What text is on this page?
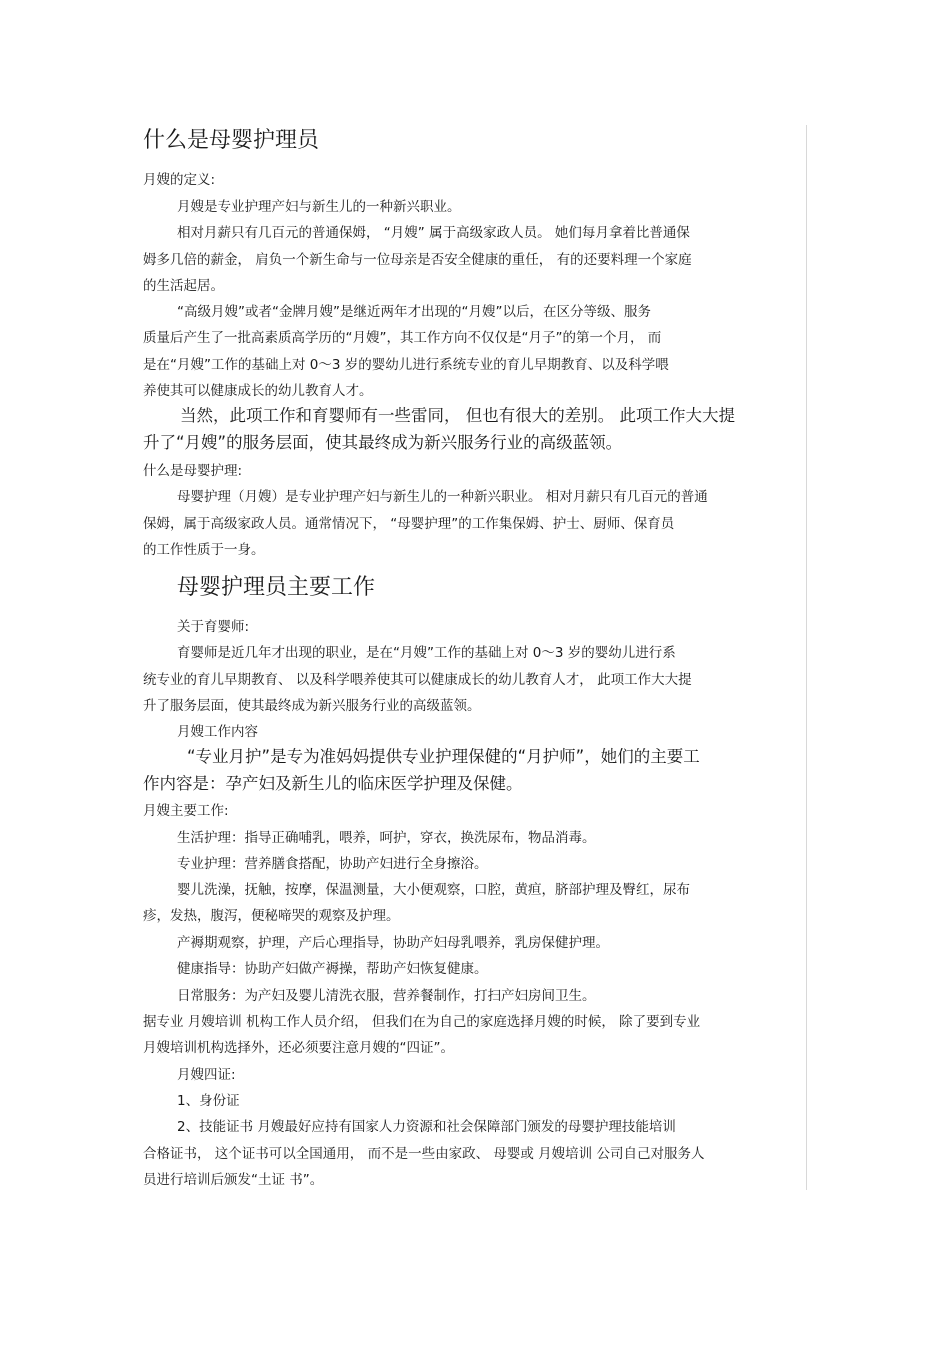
什么是母婴护理员
月嫂的定义:
月嫂是专业护理产妇与新生儿的一种新兴职业。
相对月薪只有几百元的普通保姆， “月嫂” 属于高级家政人员。 她们每月拿着比普通保
姆多几倍的薪金， 肩负一个新生命与一位母亲是否安全健康的重任， 有的还要料理一个家庭
的生活起居。
“高级月嫂”或者“金牌月嫂”是继近两年才出现的“月嫂”以后，在区分等级、服务
质量后产生了一批高素质高学历的“月嫂”，其工作方向不仅仅是“月子”的第一个月， 而
是在“月嫂”工作的基础上对 0～3 岁的婴幼儿进行系统专业的育儿早期教育、以及科学喂
养使其可以健康成长的幼儿教育人才。
当然，此项工作和育婴师有一些雷同， 但也有很大的差别。 此项工作大大提
升了“月嫂”的服务层面，使其最终成为新兴服务行业的高级蓝领。
什么是母婴护理:
母婴护理（月嫂）是专业护理产妇与新生儿的一种新兴职业。 相对月薪只有几百元的普通
保姆，属于高级家政人员。通常情况下， “母婴护理”的工作集保姆、护士、厨师、保育员
的工作性质于一身。
母婴护理员主要工作
关于育婴师:
育婴师是近几年才出现的职业，是在“月嫂”工作的基础上对 0～3 岁的婴幼儿进行系
统专业的育儿早期教育、 以及科学喂养使其可以健康成长的幼儿教育人才， 此项工作大大提
升了服务层面，使其最终成为新兴服务行业的高级蓝领。
月嫂工作内容
“专业月护”是专为准妈妈提供专业护理保健的“月护师”，她们的主要工
作内容是：孕产妇及新生儿的临床医学护理及保健。
月嫂主要工作:
生活护理：指导正确哺乳，喂养，呵护，穿衣，换洗尿布，物品消毒。
专业护理：营养膳食搭配，协助产妇进行全身擦浴。
婴儿洗澡，抚触，按摩，保温测量，大小便观察，口腔，黄疸，脐部护理及臀红，尿布
疹，发热，腹泻，便秘啼哭的观察及护理。
产褥期观察，护理，产后心理指导，协助产妇母乳喂养，乳房保健护理。
健康指导：协助产妇做产褥操，帮助产妇恢复健康。
日常服务：为产妇及婴儿清洗衣服，营养餐制作，打扫产妇房间卫生。
据专业 月嫂培训 机构工作人员介绍， 但我们在为自己的家庭选择月嫂的时候， 除了要到专业
月嫂培训机构选择外，还必须要注意月嫂的“四证”。
月嫂四证:
1、身份证
2、技能证书 月嫂最好应持有国家人力资源和社会保障部门颁发的母婴护理技能培训
合格证书， 这个证书可以全国通用， 而不是一些由家政、 母婴或 月嫂培训 公司自己对服务人
员进行培训后颁发“土证 书”。
